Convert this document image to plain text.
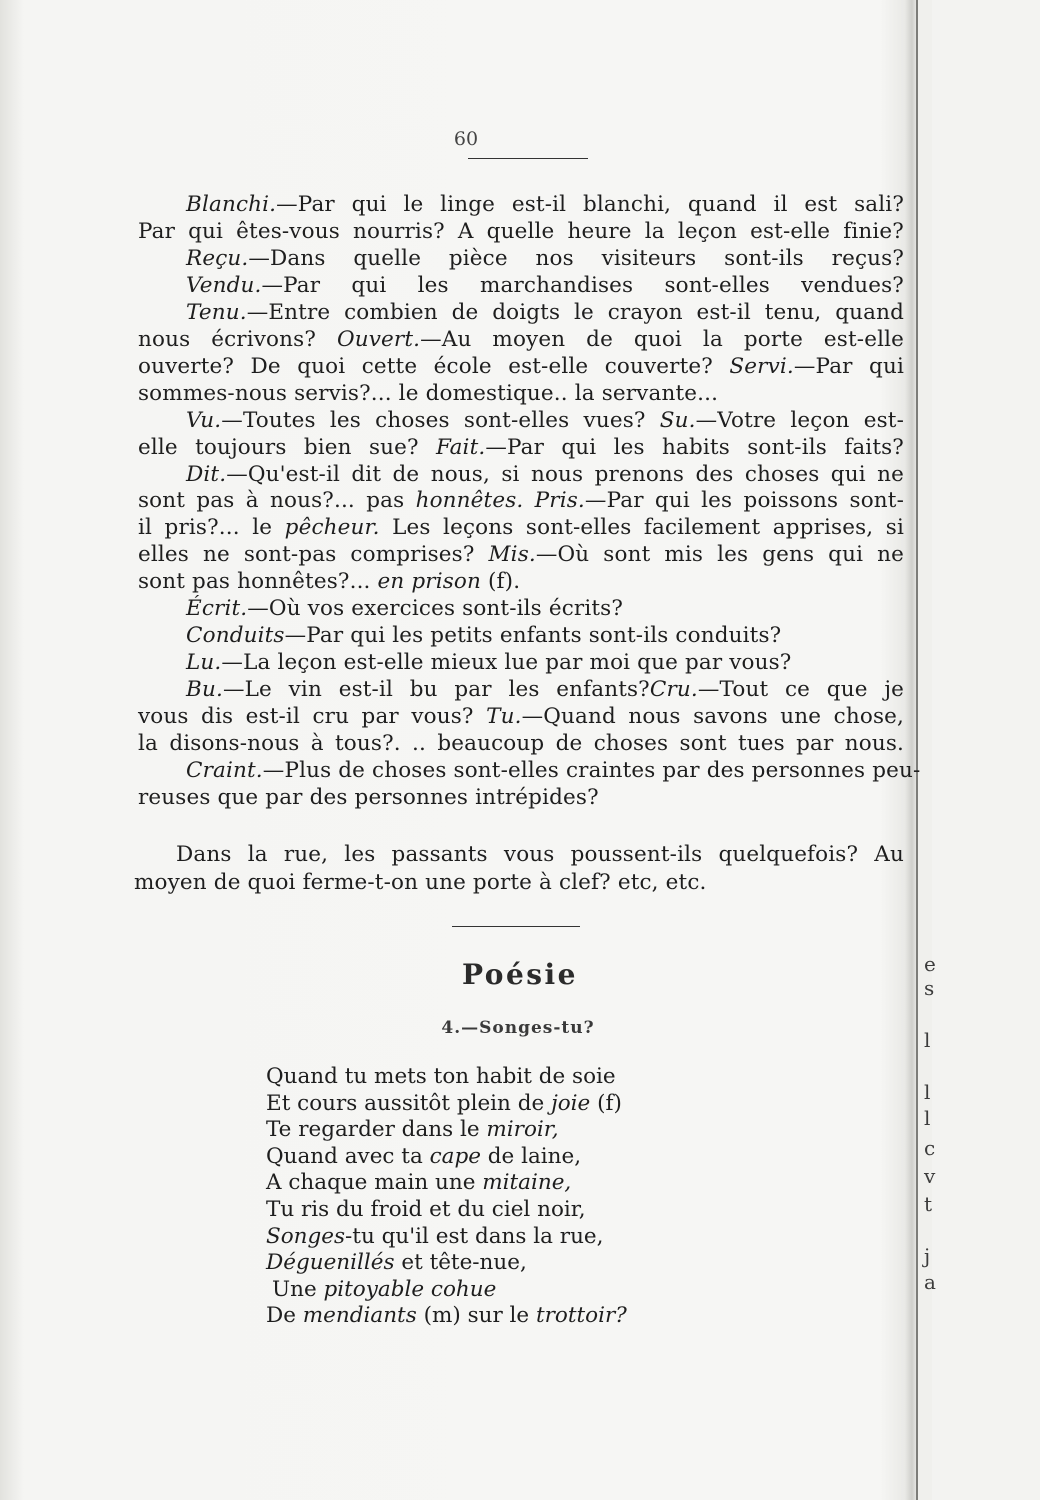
60
Blanchi.—Par qui le linge est-il blanchi, quand il est sali?
Par qui êtes-vous nourris? A quelle heure la leçon est-elle finie?
Reçu.—Dans quelle pièce nos visiteurs sont-ils reçus?
Vendu.—Par qui les marchandises sont-elles vendues?
Tenu.—Entre combien de doigts le crayon est-il tenu, quand
nous écrivons? Ouvert.—Au moyen de quoi la porte est-elle
ouverte? De quoi cette école est-elle couverte? Servi.—Par qui
sommes-nous servis?... le domestique.. la servante...
Vu.—Toutes les choses sont-elles vues? Su.—Votre leçon est-
elle toujours bien sue? Fait.—Par qui les habits sont-ils faits?
Dit.—Qu'est-il dit de nous, si nous prenons des choses qui ne
sont pas à nous?... pas honnêtes. Pris.—Par qui les poissons sont-
il pris?... le pêcheur. Les leçons sont-elles facilement apprises, si
elles ne sont-pas comprises? Mis.—Où sont mis les gens qui ne
sont pas honnêtes?... en prison (f).
Écrit.—Où vos exercices sont-ils écrits?
Conduits—Par qui les petits enfants sont-ils conduits?
Lu.—La leçon est-elle mieux lue par moi que par vous?
Bu.—Le vin est-il bu par les enfants?Cru.—Tout ce que je
vous dis est-il cru par vous? Tu.—Quand nous savons une chose,
la disons-nous à tous?. .. beaucoup de choses sont tues par nous.
Craint.—Plus de choses sont-elles craintes par des personnes peu-
reuses que par des personnes intrépides?
Dans la rue, les passants vous poussent-ils quelquefois? Au
moyen de quoi ferme-t-on une porte à clef? etc, etc.
Poésie
4.—Songes-tu?
Quand tu mets ton habit de soie
Et cours aussitôt plein de joie (f)
Te regarder dans le miroir,
Quand avec ta cape de laine,
A chaque main une mitaine,
Tu ris du froid et du ciel noir,
Songes-tu qu'il est dans la rue,
Déguenillés et tête-nue,
Une pitoyable cohue
De mendiants (m) sur le trottoir?
e
s
l
l
l
c
v
t
j
a
